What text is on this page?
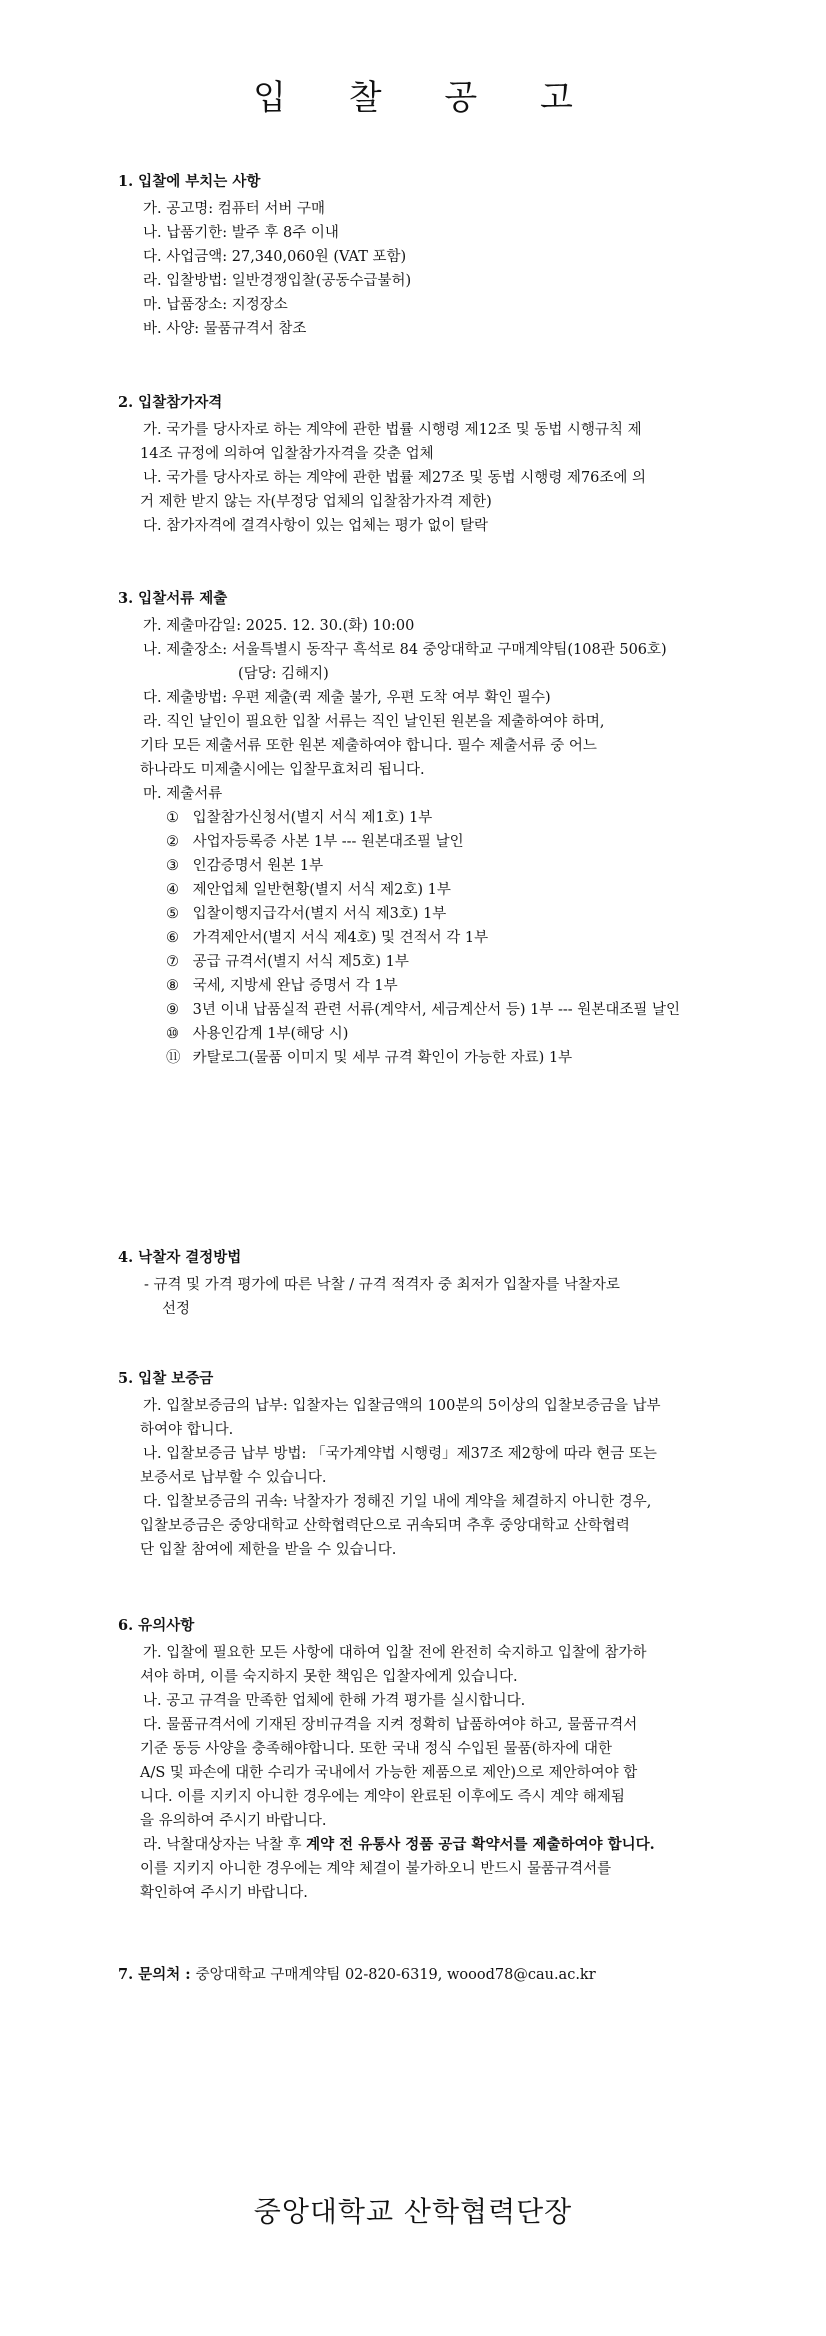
입 찰 공 고
1. 입찰에 부치는 사항
가. 공고명: 컴퓨터 서버 구매
나. 납품기한: 발주 후 8주 이내
다. 사업금액: 27,340,060원 (VAT 포함)
라. 입찰방법: 일반경쟁입찰(공동수급불허)
마. 납품장소: 지정장소
바. 사양: 물품규격서 참조
2. 입찰참가자격
가. 국가를 당사자로 하는 계약에 관한 법률 시행령 제12조 및 동법 시행규칙 제
14조 규정에 의하여 입찰참가자격을 갖춘 업체
나. 국가를 당사자로 하는 계약에 관한 법률 제27조 및 동법 시행령 제76조에 의
거 제한 받지 않는 자(부정당 업체의 입찰참가자격 제한)
다. 참가자격에 결격사항이 있는 업체는 평가 없이 탈락
3. 입찰서류 제출
가. 제출마감일: 2025. 12. 30.(화) 10:00
나. 제출장소: 서울특별시 동작구 흑석로 84 중앙대학교 구매계약팀(108관 506호)
(담당: 김해지)
다. 제출방법: 우편 제출(퀵 제출 불가, 우편 도착 여부 확인 필수)
라. 직인 날인이 필요한 입찰 서류는 직인 날인된 원본을 제출하여야 하며,
기타 모든 제출서류 또한 원본 제출하여야 합니다. 필수 제출서류 중 어느
하나라도 미제출시에는 입찰무효처리 됩니다.
마. 제출서류
① 입찰참가신청서(별지 서식 제1호) 1부
② 사업자등록증 사본 1부 --- 원본대조필 날인
③ 인감증명서 원본 1부
④ 제안업체 일반현황(별지 서식 제2호) 1부
⑤ 입찰이행지급각서(별지 서식 제3호) 1부
⑥ 가격제안서(별지 서식 제4호) 및 견적서 각 1부
⑦ 공급 규격서(별지 서식 제5호) 1부
⑧ 국세, 지방세 완납 증명서 각 1부
⑨ 3년 이내 납품실적 관련 서류(계약서, 세금계산서 등) 1부 --- 원본대조필 날인
⑩ 사용인감계 1부(해당 시)
⑪ 카탈로그(물품 이미지 및 세부 규격 확인이 가능한 자료) 1부
4. 낙찰자 결정방법
- 규격 및 가격 평가에 따른 낙찰 / 규격 적격자 중 최저가 입찰자를 낙찰자로
선정
5. 입찰 보증금
가. 입찰보증금의 납부: 입찰자는 입찰금액의 100분의 5이상의 입찰보증금을 납부
하여야 합니다.
나. 입찰보증금 납부 방법: 「국가계약법 시행령」제37조 제2항에 따라 현금 또는
보증서로 납부할 수 있습니다.
다. 입찰보증금의 귀속: 낙찰자가 정해진 기일 내에 계약을 체결하지 아니한 경우,
입찰보증금은 중앙대학교 산학협력단으로 귀속되며 추후 중앙대학교 산학협력
단 입찰 참여에 제한을 받을 수 있습니다.
6. 유의사항
가. 입찰에 필요한 모든 사항에 대하여 입찰 전에 완전히 숙지하고 입찰에 참가하
셔야 하며, 이를 숙지하지 못한 책임은 입찰자에게 있습니다.
나. 공고 규격을 만족한 업체에 한해 가격 평가를 실시합니다.
다. 물품규격서에 기재된 장비규격을 지켜 정확히 납품하여야 하고, 물품규격서
기준 동등 사양을 충족해야합니다. 또한 국내 정식 수입된 물품(하자에 대한
A/S 및 파손에 대한 수리가 국내에서 가능한 제품으로 제안)으로 제안하여야 합
니다. 이를 지키지 아니한 경우에는 계약이 완료된 이후에도 즉시 계약 해제됨
을 유의하여 주시기 바랍니다.
라. 낙찰대상자는 낙찰 후 계약 전 유통사 정품 공급 확약서를 제출하여야 합니다.
이를 지키지 아니한 경우에는 계약 체결이 불가하오니 반드시 물품규격서를
확인하여 주시기 바랍니다.
7. 문의처 : 중앙대학교 구매계약팀 02-820-6319, woood78@cau.ac.kr
중앙대학교 산학협력단장
